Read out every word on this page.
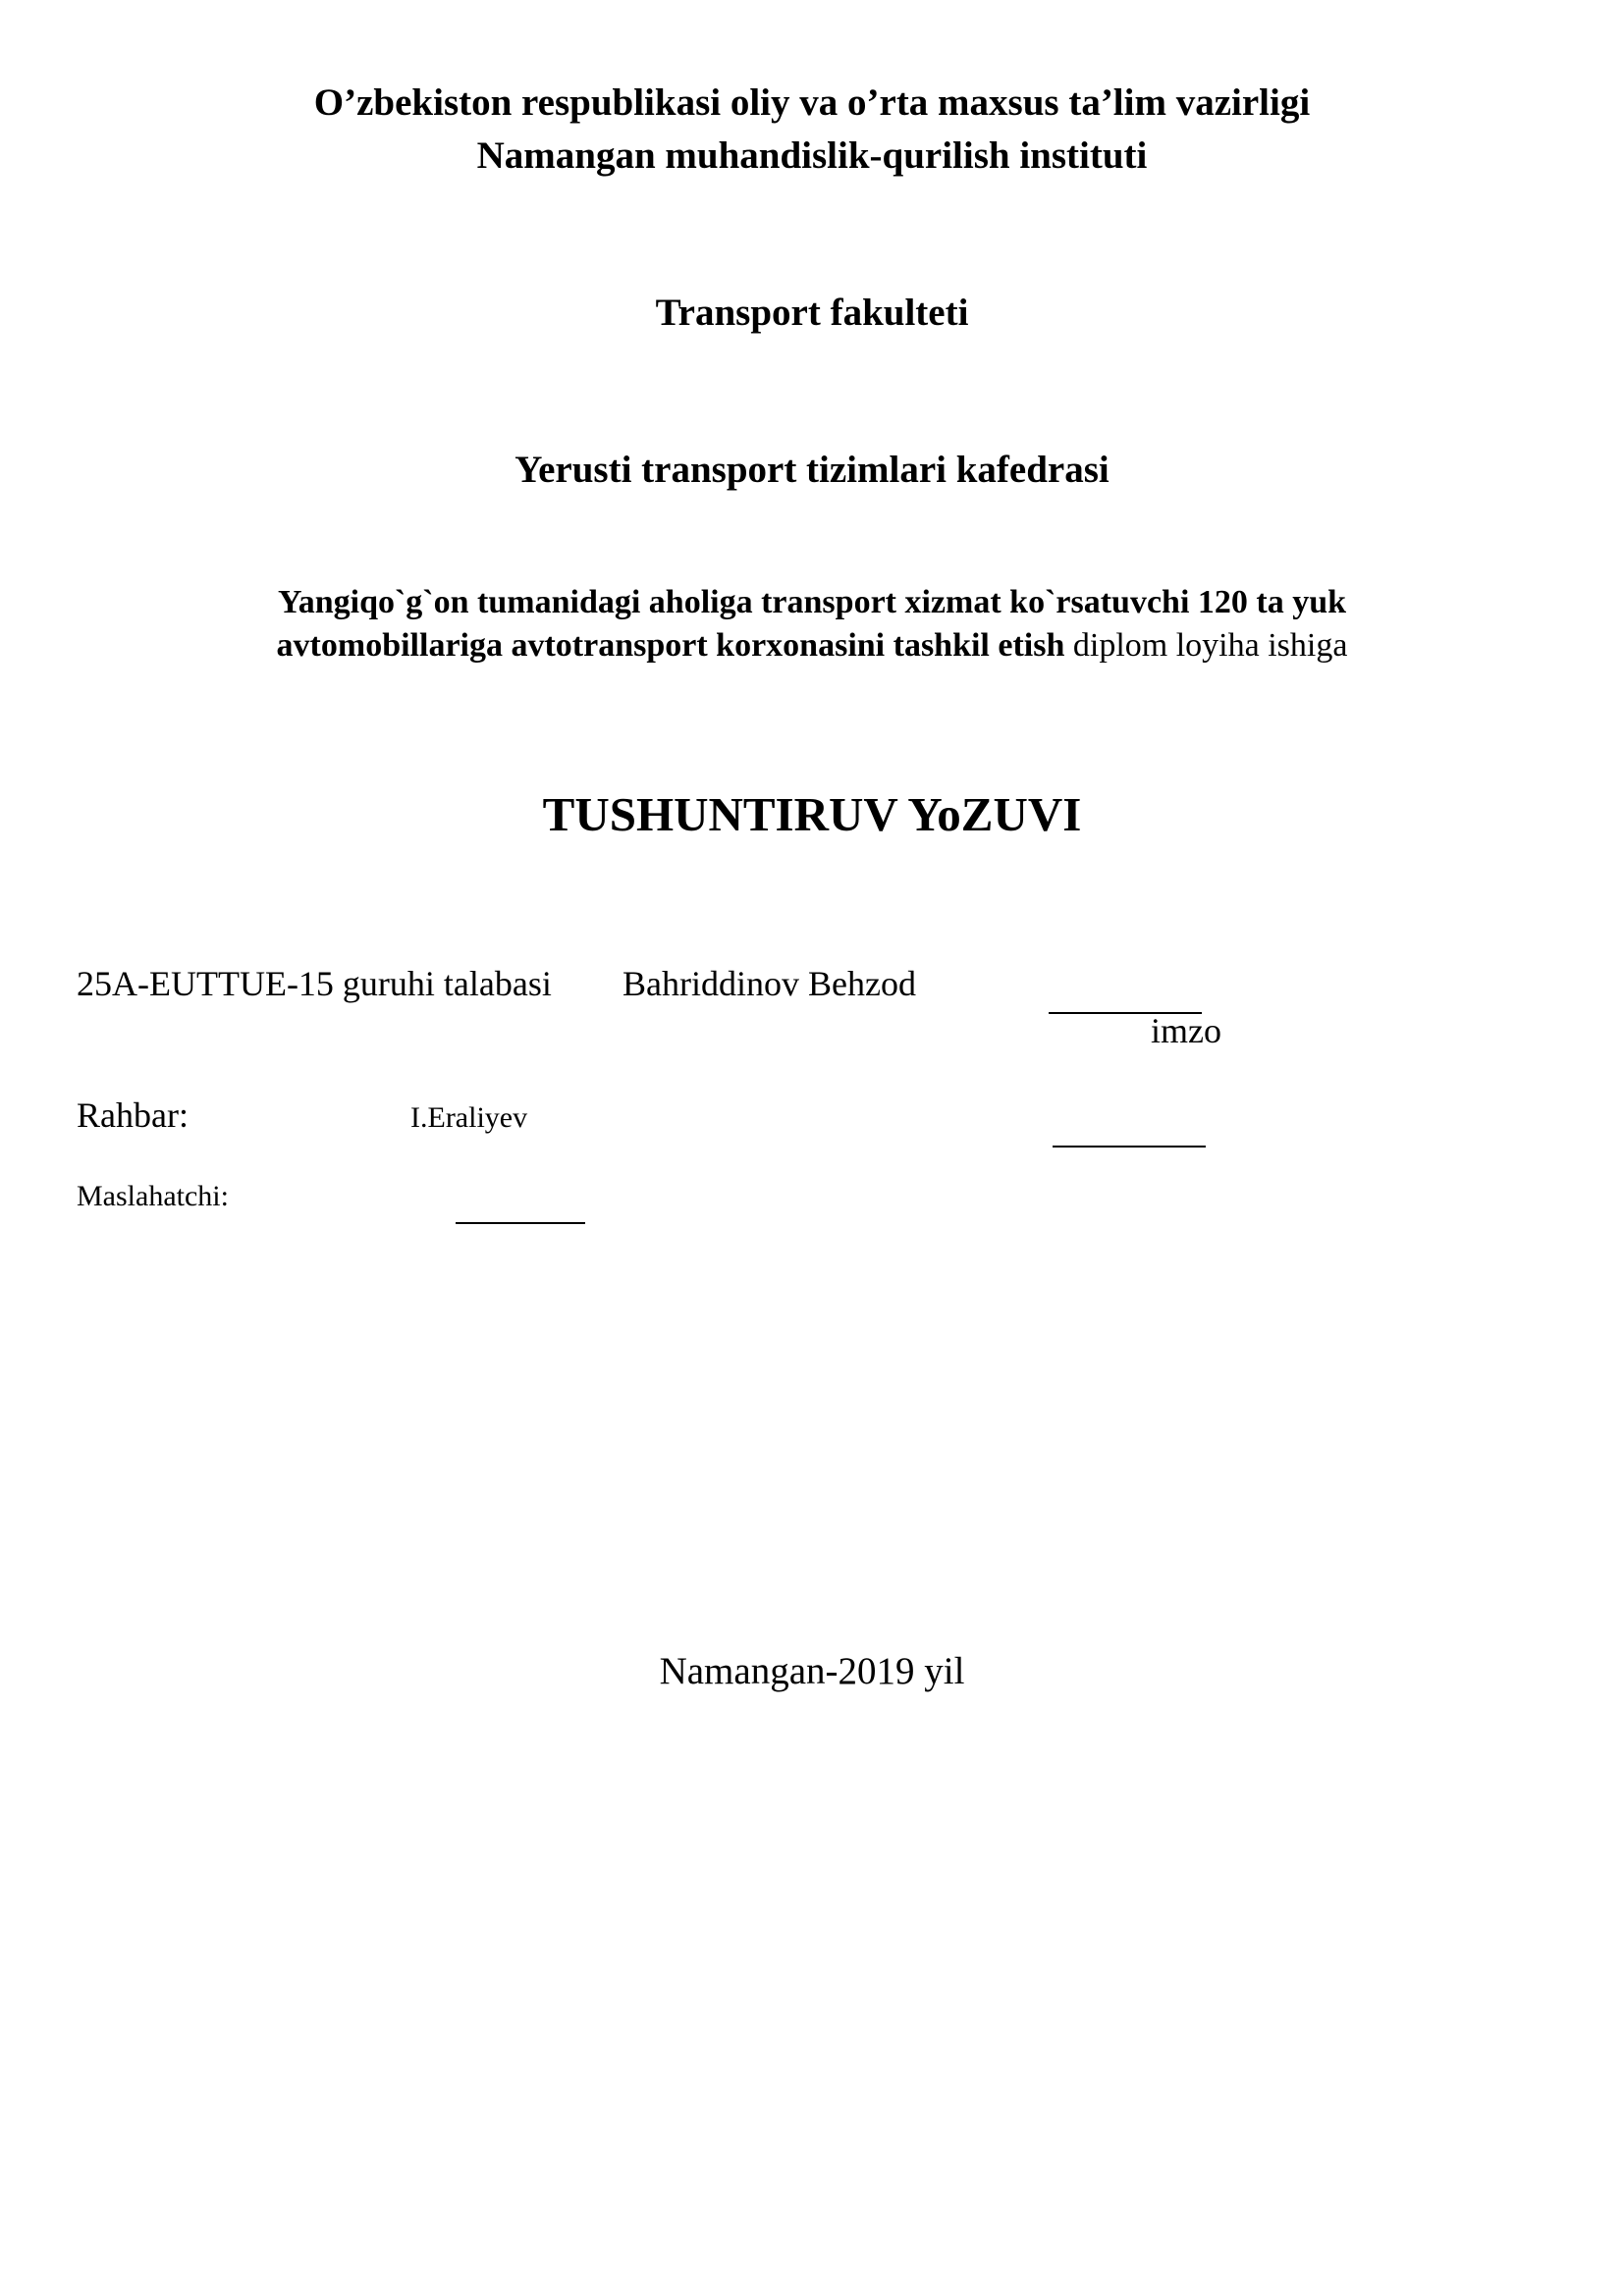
O’zbekiston respublikasi oliy va o’rta maxsus ta’lim vazirligi
Namangan muhandislik-qurilish instituti
Transport fakulteti
Yerusti transport tizimlari kafedrasi
Yangiqo`g`on tumanidagi aholiga transport xizmat ko`rsatuvchi 120 ta yuk
avtomobillariga avtotransport korxonasini tashkil etish diplom loyiha ishiga
TUSHUNTIRUV YoZUVI
25A-EUTTUE-15 guruhi talabasi Bahriddinov Behzod
imzo
Rahbar:	I.Eraliyev
Maslahatchi:
Namangan-2019 yil
